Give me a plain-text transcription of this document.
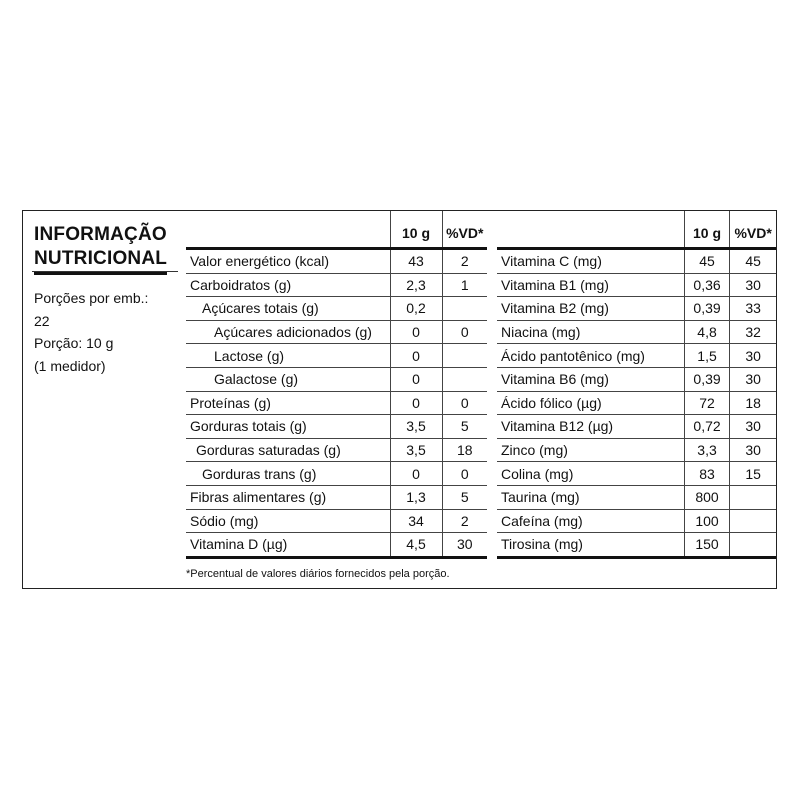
INFORMAÇÃO
NUTRICIONAL
Porções por emb.:
22
Porção: 10 g
(1 medidor)
	10 g	%VD*
Valor energético (kcal)	43	2
Carboidratos (g)	2,3	1
Açúcares totais (g)	0,2	
Açúcares adicionados (g)	0	0
Lactose (g)	0	
Galactose (g)	0	
Proteínas (g)	0	0
Gorduras totais (g)	3,5	5
Gorduras saturadas (g)	3,5	18
Gorduras trans (g)	0	0
Fibras alimentares (g)	1,3	5
Sódio (mg)	34	2
Vitamina D (µg)	4,5	30
	10 g	%VD*
Vitamina C (mg)	45	45
Vitamina B1 (mg)	0,36	30
Vitamina B2 (mg)	0,39	33
Niacina (mg)	4,8	32
Ácido pantotênico (mg)	1,5	30
Vitamina B6 (mg)	0,39	30
Ácido fólico (µg)	72	18
Vitamina B12 (µg)	0,72	30
Zinco (mg)	3,3	30
Colina (mg)	83	15
Taurina (mg)	800	
Cafeína (mg)	100	
Tirosina (mg)	150	
*Percentual de valores diários fornecidos pela porção.
